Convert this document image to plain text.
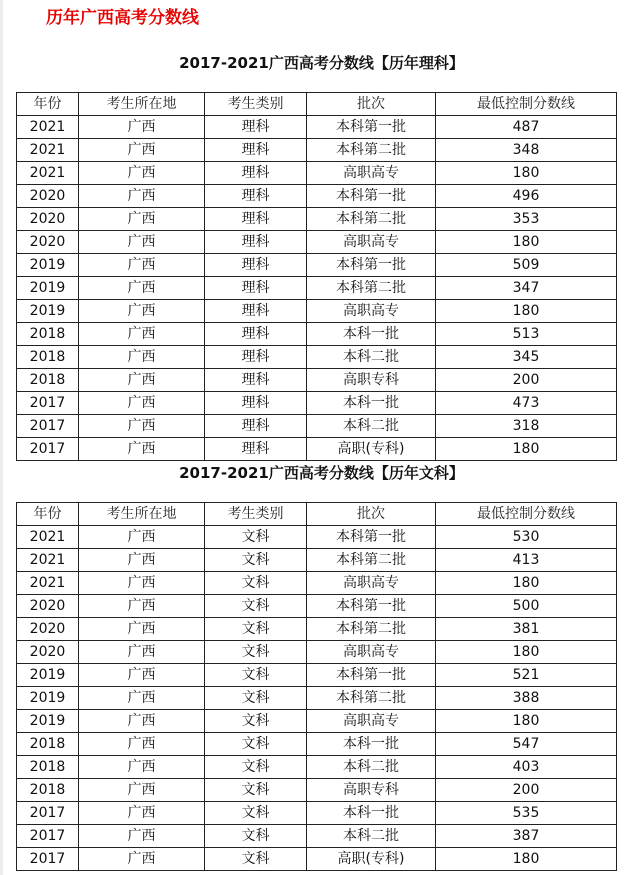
历年广西高考分数线
2017-2021广西高考分数线【历年理科】
年份	考生所在地	考生类别	批次	最低控制分数线
2021	广西	理科	本科第一批	487
2021	广西	理科	本科第二批	348
2021	广西	理科	高职高专	180
2020	广西	理科	本科第一批	496
2020	广西	理科	本科第二批	353
2020	广西	理科	高职高专	180
2019	广西	理科	本科第一批	509
2019	广西	理科	本科第二批	347
2019	广西	理科	高职高专	180
2018	广西	理科	本科一批	513
2018	广西	理科	本科二批	345
2018	广西	理科	高职专科	200
2017	广西	理科	本科一批	473
2017	广西	理科	本科二批	318
2017	广西	理科	高职(专科)	180
2017-2021广西高考分数线【历年文科】
年份	考生所在地	考生类别	批次	最低控制分数线
2021	广西	文科	本科第一批	530
2021	广西	文科	本科第二批	413
2021	广西	文科	高职高专	180
2020	广西	文科	本科第一批	500
2020	广西	文科	本科第二批	381
2020	广西	文科	高职高专	180
2019	广西	文科	本科第一批	521
2019	广西	文科	本科第二批	388
2019	广西	文科	高职高专	180
2018	广西	文科	本科一批	547
2018	广西	文科	本科二批	403
2018	广西	文科	高职专科	200
2017	广西	文科	本科一批	535
2017	广西	文科	本科二批	387
2017	广西	文科	高职(专科)	180
